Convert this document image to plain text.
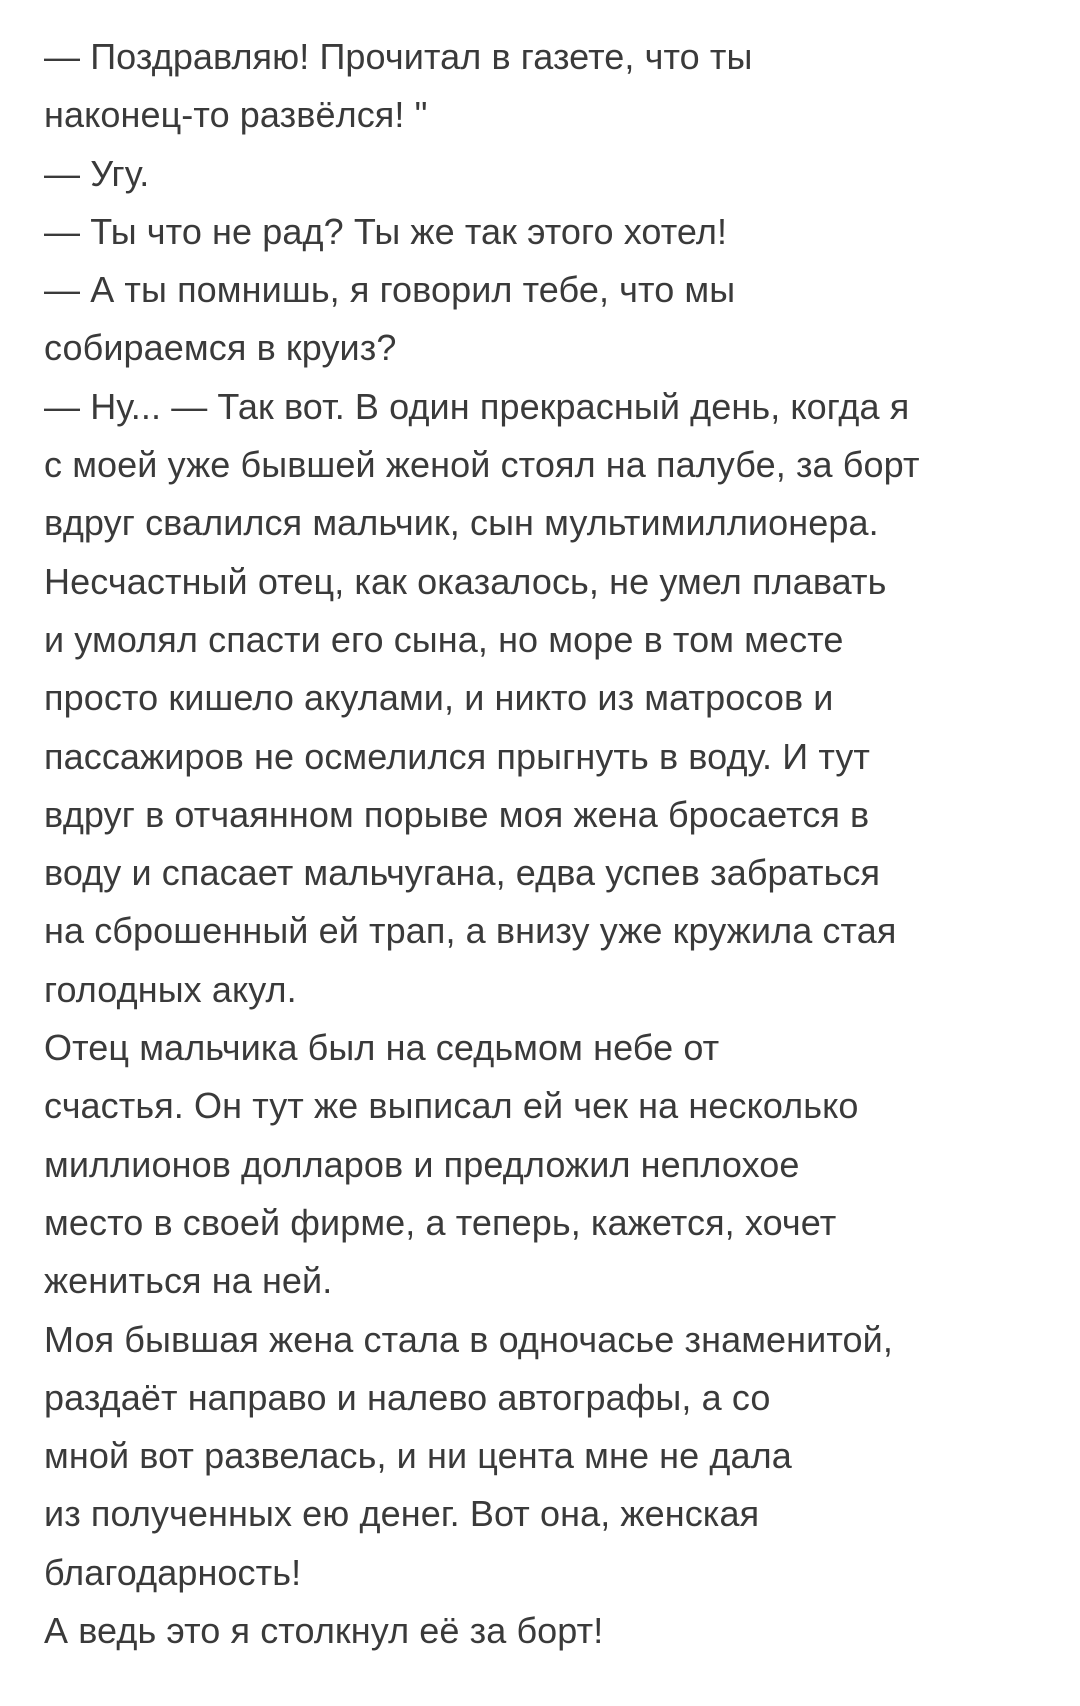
— Поздравляю! Прочитал в газете, что ты
наконец-то развёлся! "
— Угу.
— Ты что не рад? Ты же так этого хотел!
— А ты помнишь, я говорил тебе, что мы
собираемся в круиз?
— Ну... — Так вот. В один прекрасный день, когда я
с моей уже бывшей женой стоял на палубе, за борт
вдруг свалился мальчик, сын мультимиллионера.
Несчастный отец, как оказалось, не умел плавать
и умолял спасти его сына, но море в том месте
просто кишело акулами, и никто из матросов и
пассажиров не осмелился прыгнуть в воду. И тут
вдруг в отчаянном порыве моя жена бросается в
воду и спасает мальчугана, едва успев забраться
на сброшенный ей трап, а внизу уже кружила стая
голодных акул.
Отец мальчика был на седьмом небе от
счастья. Он тут же выписал ей чек на несколько
миллионов долларов и предложил неплохое
место в своей фирме, а теперь, кажется, хочет
жениться на ней.
Моя бывшая жена стала в одночасье знаменитой,
раздаёт направо и налево автографы, а со
мной вот развелась, и ни цента мне не дала
из полученных ею денег. Вот она, женская
благодарность!
А ведь это я столкнул её за борт!
